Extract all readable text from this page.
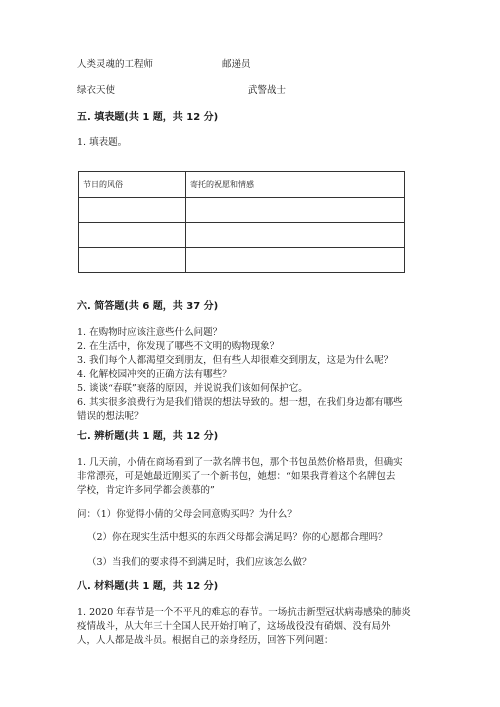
人类灵魂的工程师	邮递员
绿衣天使	武警战士
五. 填表题(共 1 题，共 12 分)
1. 填表题。
节日的风俗	寄托的祝愿和情感

六. 简答题(共 6 题，共 37 分)
1. 在购物时应该注意些什么问题？
2. 在生活中，你发现了哪些不文明的购物现象？
3. 我们每个人都渴望交到朋友，但有些人却很难交到朋友，这是为什么呢？
4. 化解校园冲突的正确方法有哪些？
5. 谈谈“春联”衰落的原因，并说说我们该如何保护它。
6. 其实很多浪费行为是我们错误的想法导致的。想一想，在我们身边都有哪些
错误的想法呢？
七. 辨析题(共 1 题，共 12 分)
1. 几天前，小倩在商场看到了一款名牌书包，那个书包虽然价格昂贵，但确实
非常漂亮，可是她最近刚买了一个新书包，她想：“如果我背着这个名牌包去
学校，肯定许多同学都会羡慕的”
问：（1）你觉得小倩的父母会同意购买吗？为什么？
（2）你在现实生活中想买的东西父母都会满足吗？你的心愿都合理吗？
（3）当我们的要求得不到满足时，我们应该怎么做？
八. 材料题(共 1 题，共 12 分)
1. 2020 年春节是一个不平凡的难忘的春节。一场抗击新型冠状病毒感染的肺炎
疫情战斗，从大年三十全国人民开始打响了，这场战役没有硝烟、没有局外
人，人人都是战斗员。根据自己的亲身经历，回答下列问题：
